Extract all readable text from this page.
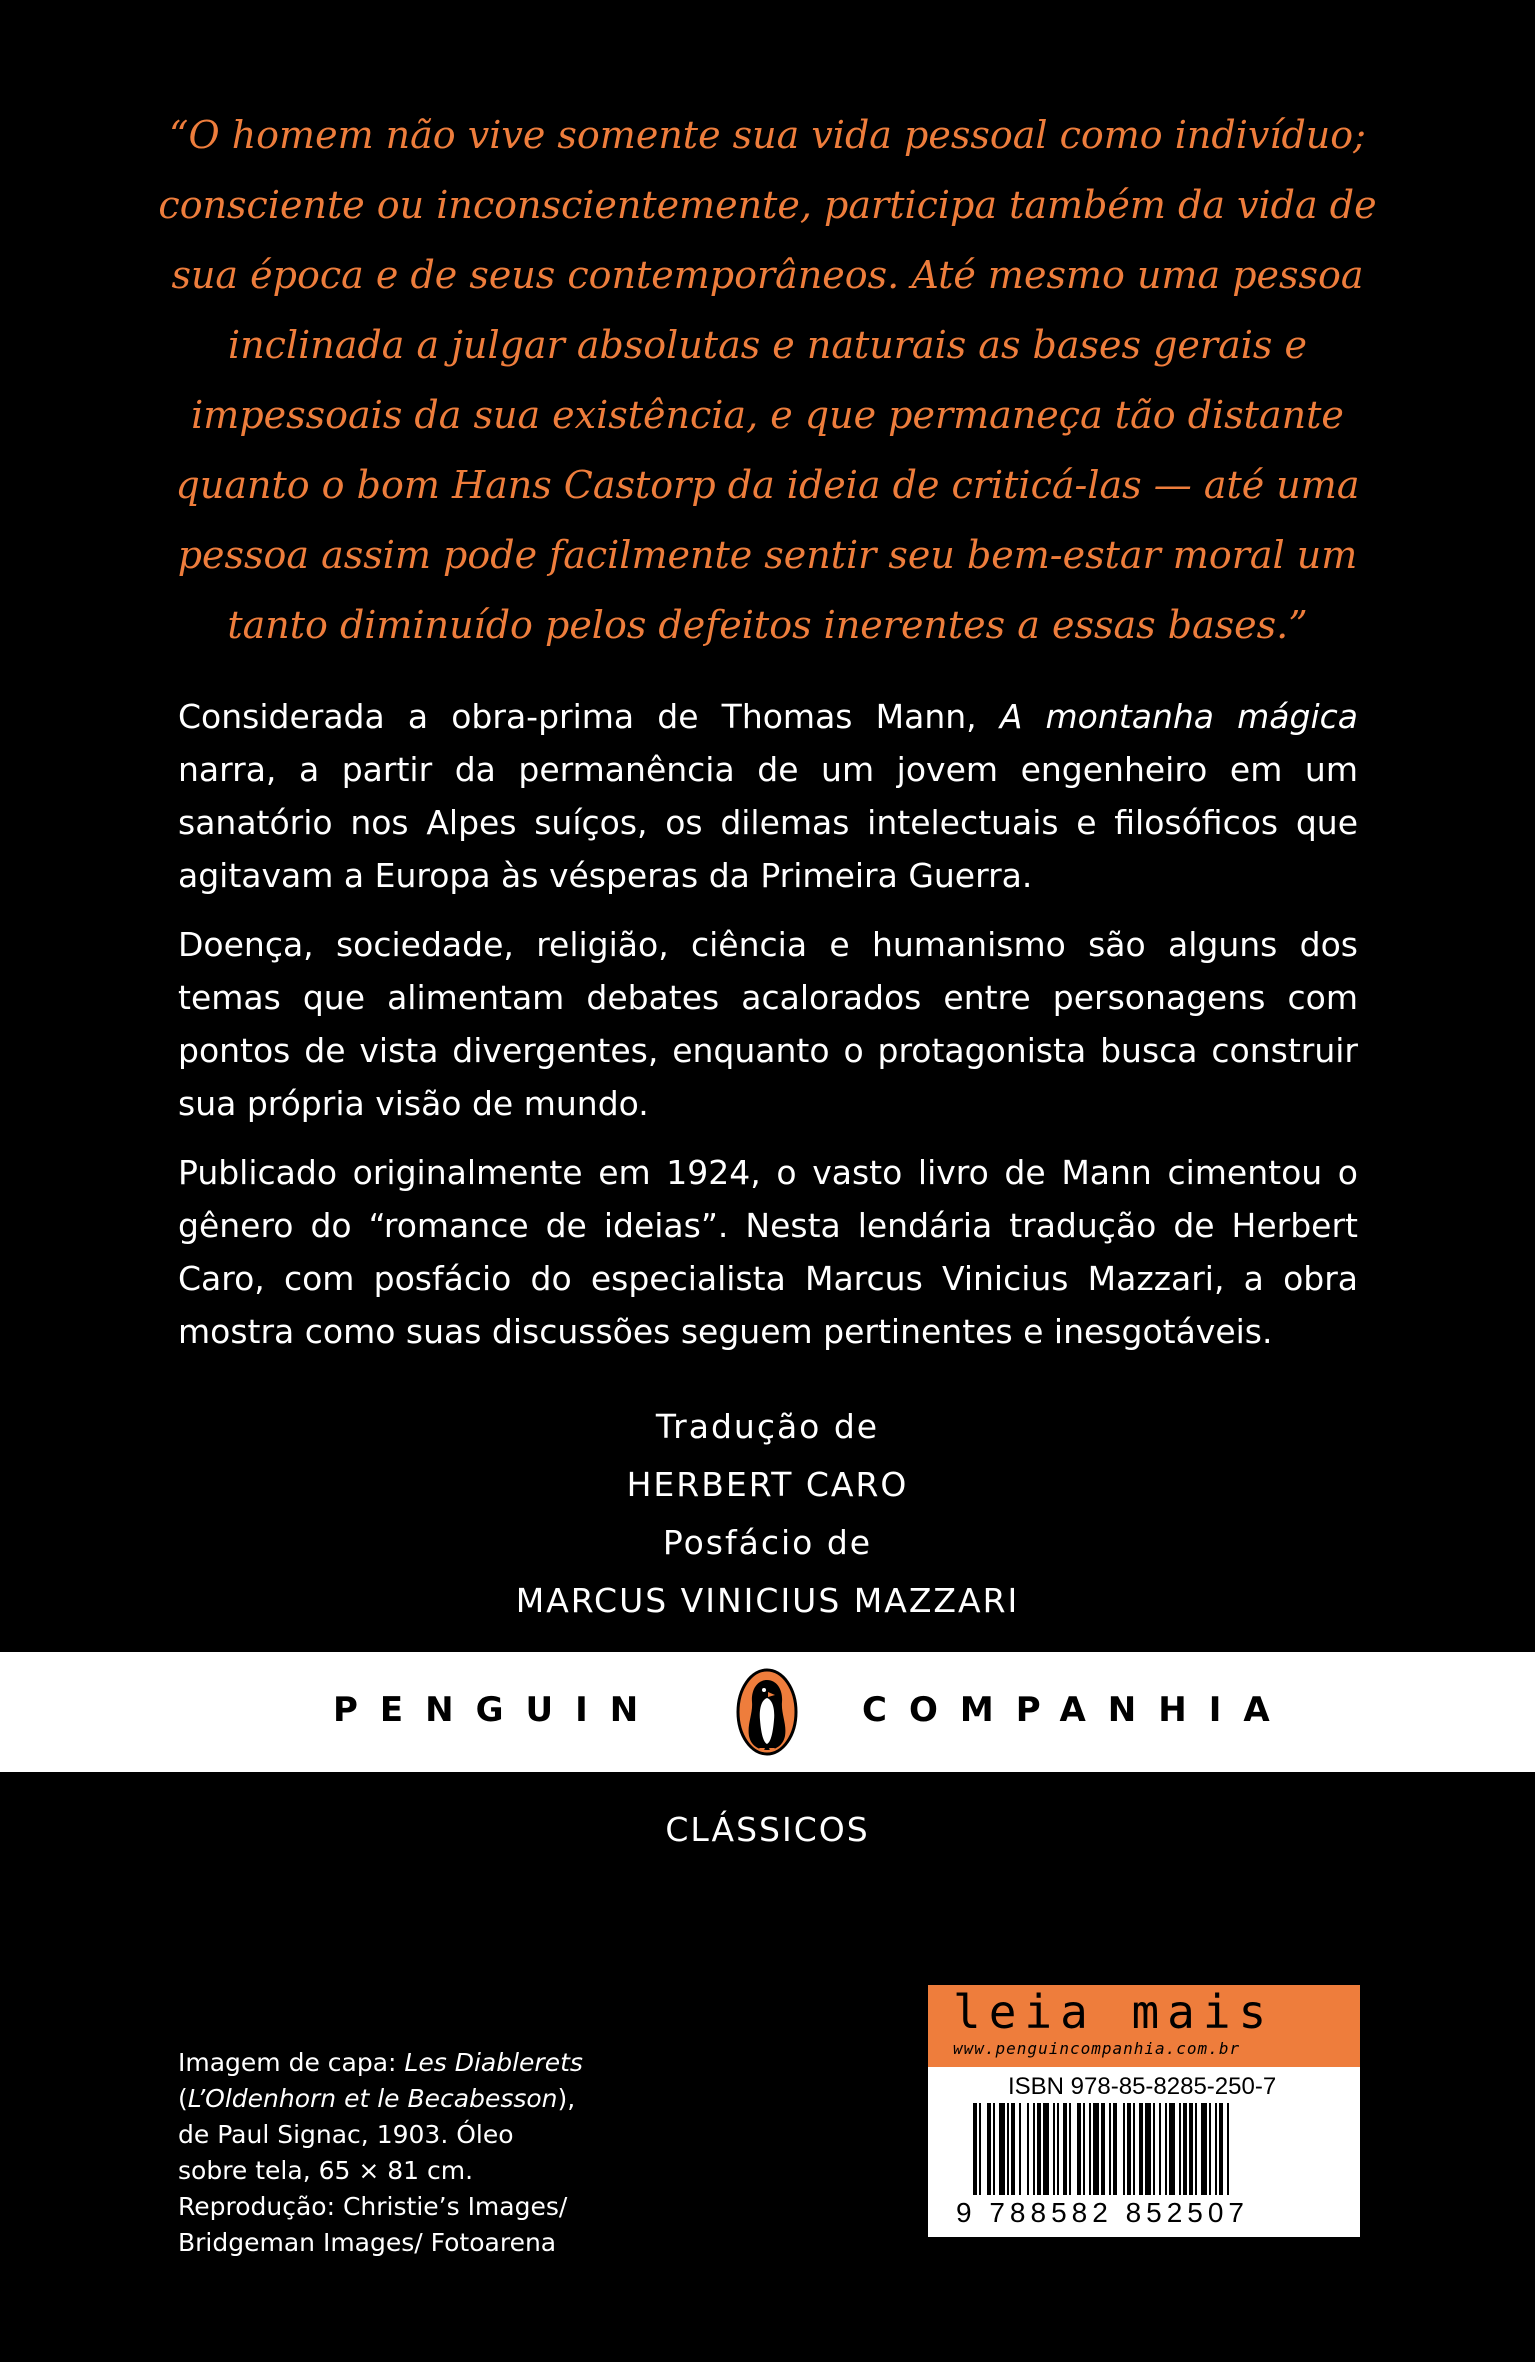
“O homem não vive somente sua vida pessoal como indivíduo;
consciente ou inconscientemente, participa também da vida de
sua época e de seus contemporâneos. Até mesmo uma pessoa
inclinada a julgar absolutas e naturais as bases gerais e
impessoais da sua existência, e que permaneça tão distante
quanto o bom Hans Castorp da ideia de criticá-las — até uma
pessoa assim pode facilmente sentir seu bem-estar moral um
tanto diminuído pelos defeitos inerentes a essas bases.”

Considerada a obra-prima de Thomas Mann, A montanha mágica narra, a partir da permanência de um jovem engenheiro em um sanatório nos Alpes suíços, os dilemas intelectuais e filosóficos que agitavam a Europa às vésperas da Primeira Guerra.

Doença, sociedade, religião, ciência e humanismo são alguns dos temas que alimentam debates acalorados entre personagens com pontos de vista divergentes, enquanto o protagonista busca construir sua própria visão de mundo.

Publicado originalmente em 1924, o vasto livro de Mann cimentou o gênero do “romance de ideias”. Nesta lendária tradução de Herbert Caro, com posfácio do especialista Marcus Vinicius Mazzari, a obra mostra como suas discussões seguem pertinentes e inesgotáveis.

Tradução de
HERBERT CARO
Posfácio de
MARCUS VINICIUS MAZZARI
PENGUIN	COMPANHIA
CLÁSSICOS
Imagem de capa: Les Diablerets
(L’Oldenhorn et le Becabesson),
de Paul Signac, 1903. Óleo
sobre tela, 65 × 81 cm.
Reprodução: Christie’s Images/
Bridgeman Images/ Fotoarena
leia mais
www.penguincompanhia.com.br
ISBN 978-85-8285-250-7
9 788582 852507
